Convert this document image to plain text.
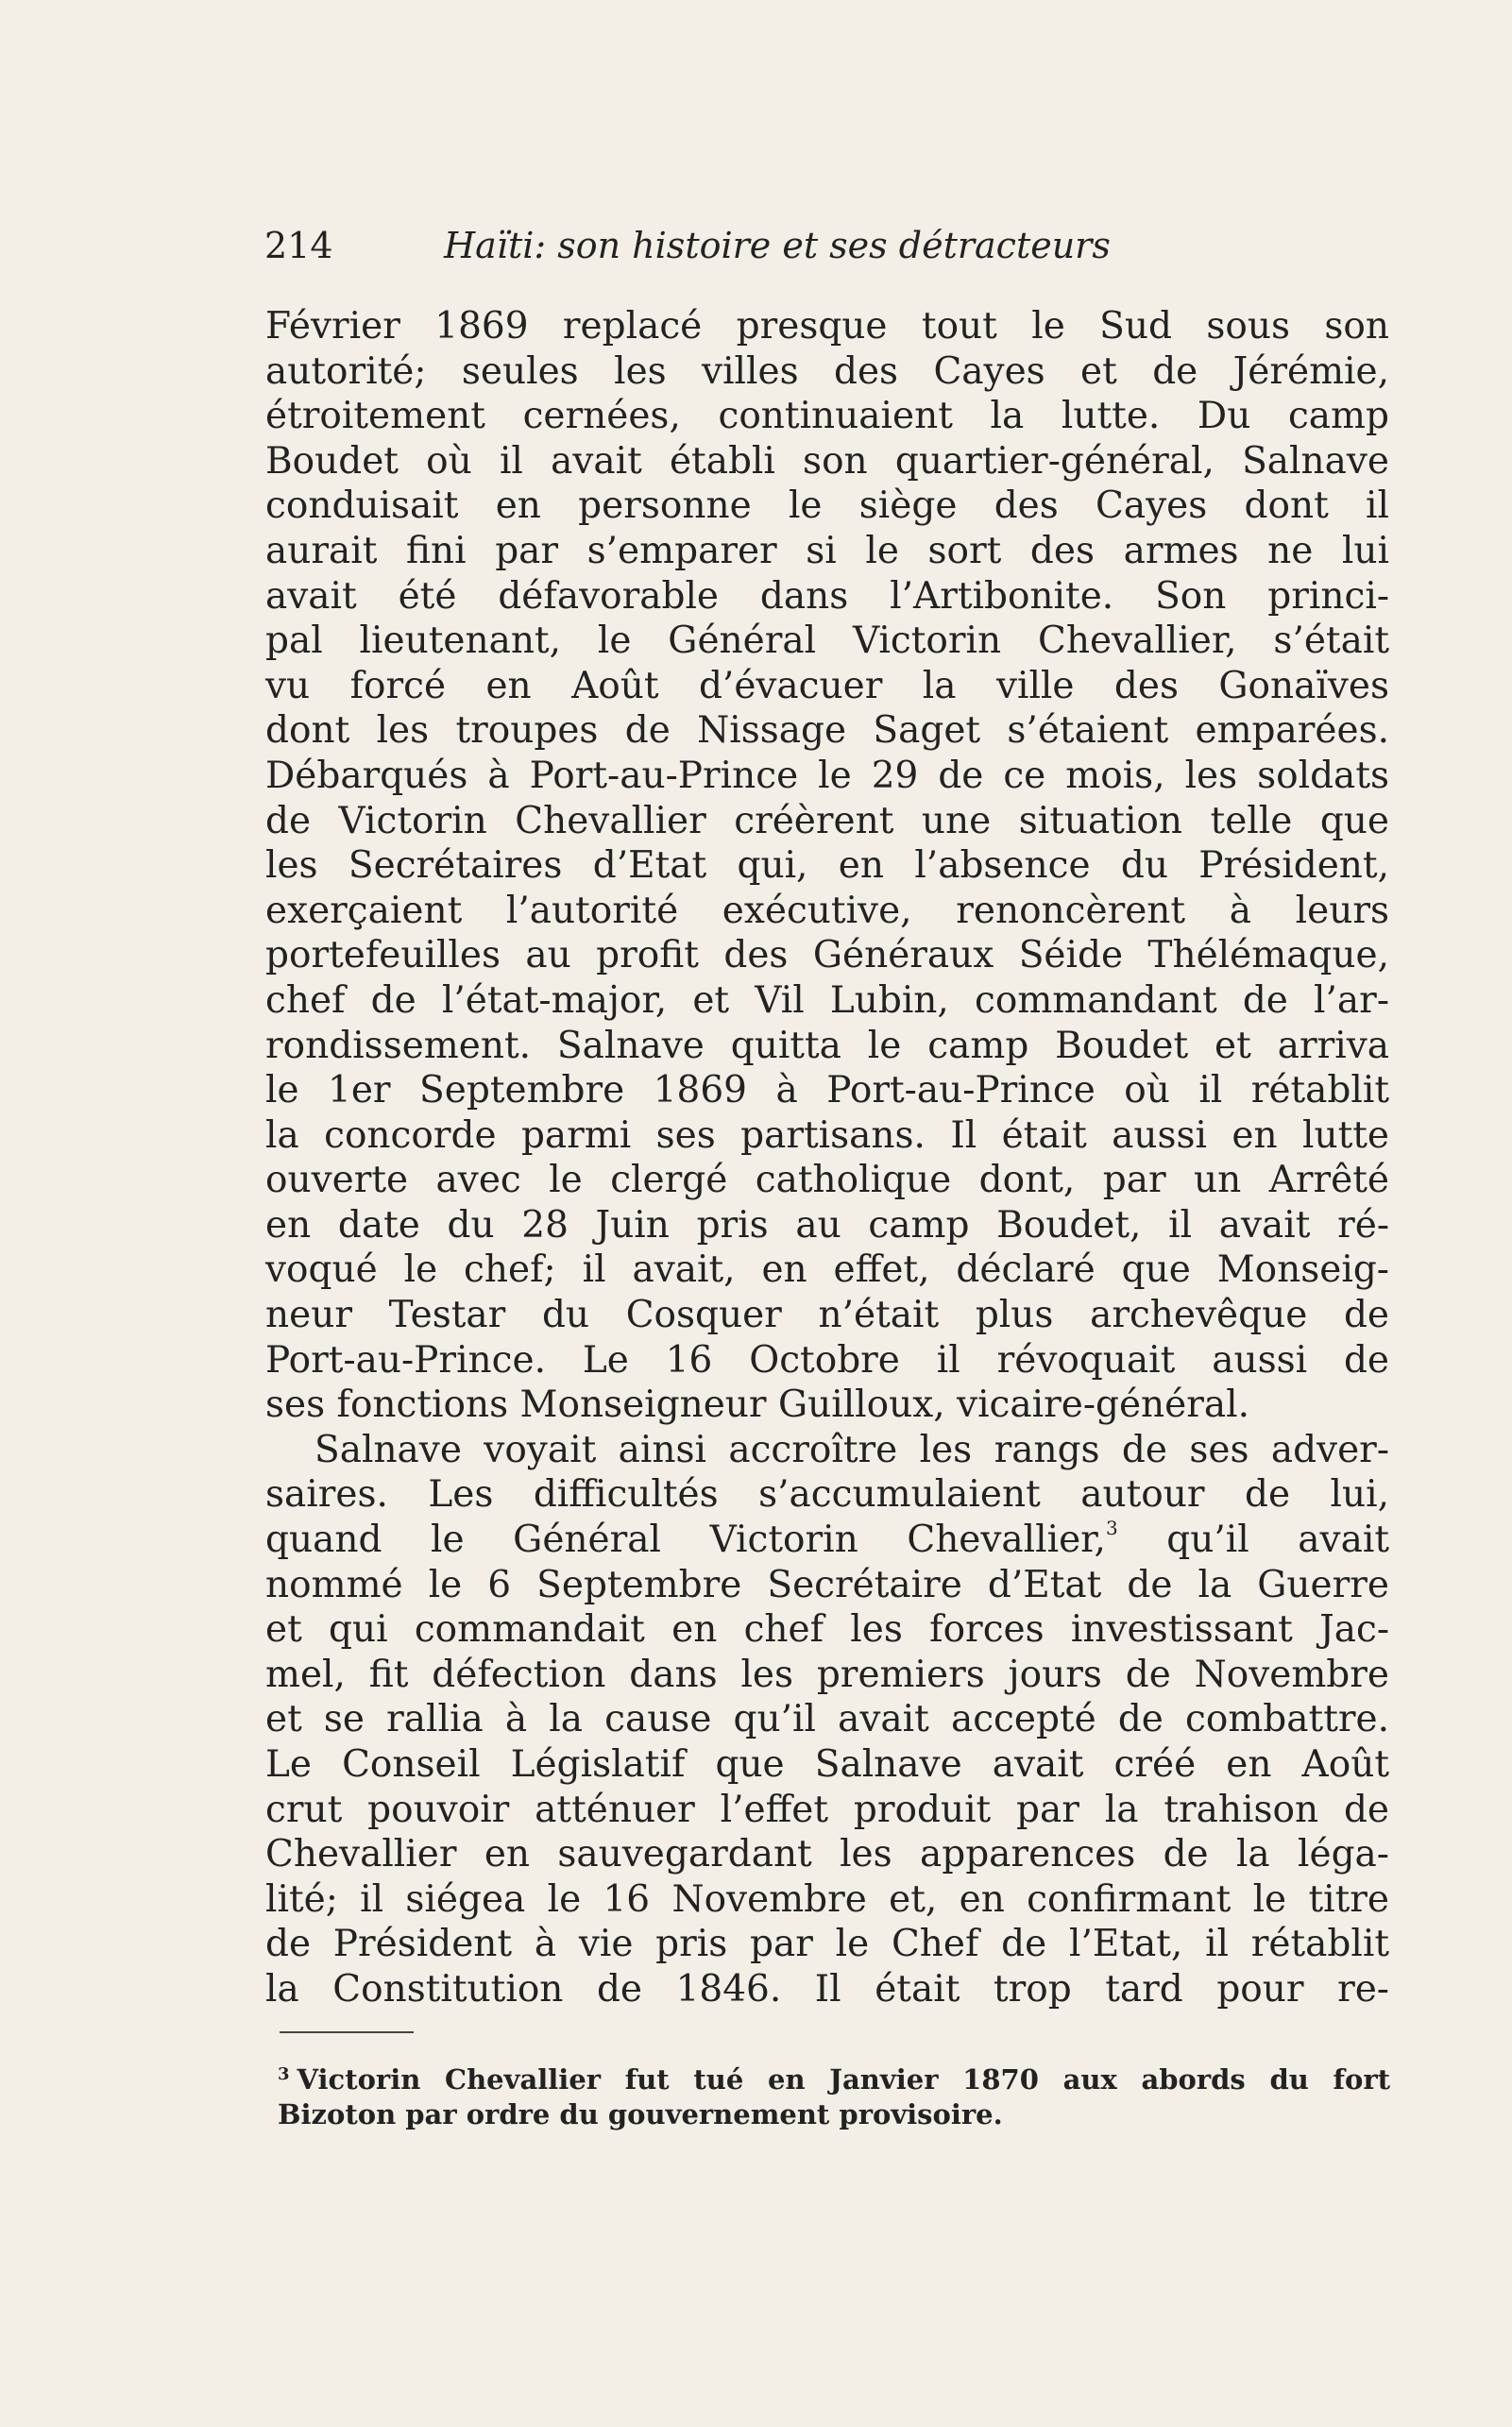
214	Haïti: son histoire et ses détracteurs
Février 1869 replacé presque tout le Sud sous son
autorité; seules les villes des Cayes et de Jérémie,
étroitement cernées, continuaient la lutte. Du camp
Boudet où il avait établi son quartier-général, Salnave
conduisait en personne le siège des Cayes dont il
aurait fini par s’emparer si le sort des armes ne lui
avait été défavorable dans l’Artibonite. Son princi-
pal lieutenant, le Général Victorin Chevallier, s’était
vu forcé en Août d’évacuer la ville des Gonaïves
dont les troupes de Nissage Saget s’étaient emparées.
Débarqués à Port-au-Prince le 29 de ce mois, les soldats
de Victorin Chevallier créèrent une situation telle que
les Secrétaires d’Etat qui, en l’absence du Président,
exerçaient l’autorité exécutive, renoncèrent à leurs
portefeuilles au profit des Généraux Séide Thélémaque,
chef de l’état-major, et Vil Lubin, commandant de l’ar-
rondissement. Salnave quitta le camp Boudet et arriva
le 1er Septembre 1869 à Port-au-Prince où il rétablit
la concorde parmi ses partisans. Il était aussi en lutte
ouverte avec le clergé catholique dont, par un Arrêté
en date du 28 Juin pris au camp Boudet, il avait ré-
voqué le chef; il avait, en effet, déclaré que Monseig-
neur Testar du Cosquer n’était plus archevêque de
Port-au-Prince. Le 16 Octobre il révoquait aussi de
ses fonctions Monseigneur Guilloux, vicaire-général.
Salnave voyait ainsi accroître les rangs de ses adver-
saires. Les difficultés s’accumulaient autour de lui,
quand le Général Victorin Chevallier,$^3$ qu’il avait
nommé le 6 Septembre Secrétaire d’Etat de la Guerre
et qui commandait en chef les forces investissant Jac-
mel, fit défection dans les premiers jours de Novembre
et se rallia à la cause qu’il avait accepté de combattre.
Le Conseil Législatif que Salnave avait créé en Août
crut pouvoir atténuer l’effet produit par la trahison de
Chevallier en sauvegardant les apparences de la léga-
lité; il siégea le 16 Novembre et, en confirmant le titre
de Président à vie pris par le Chef de l’Etat, il rétablit
la Constitution de 1846. Il était trop tard pour re-
$^3$ Victorin Chevallier fut tué en Janvier 1870 aux abords du fort
Bizoton par ordre du gouvernement provisoire.
